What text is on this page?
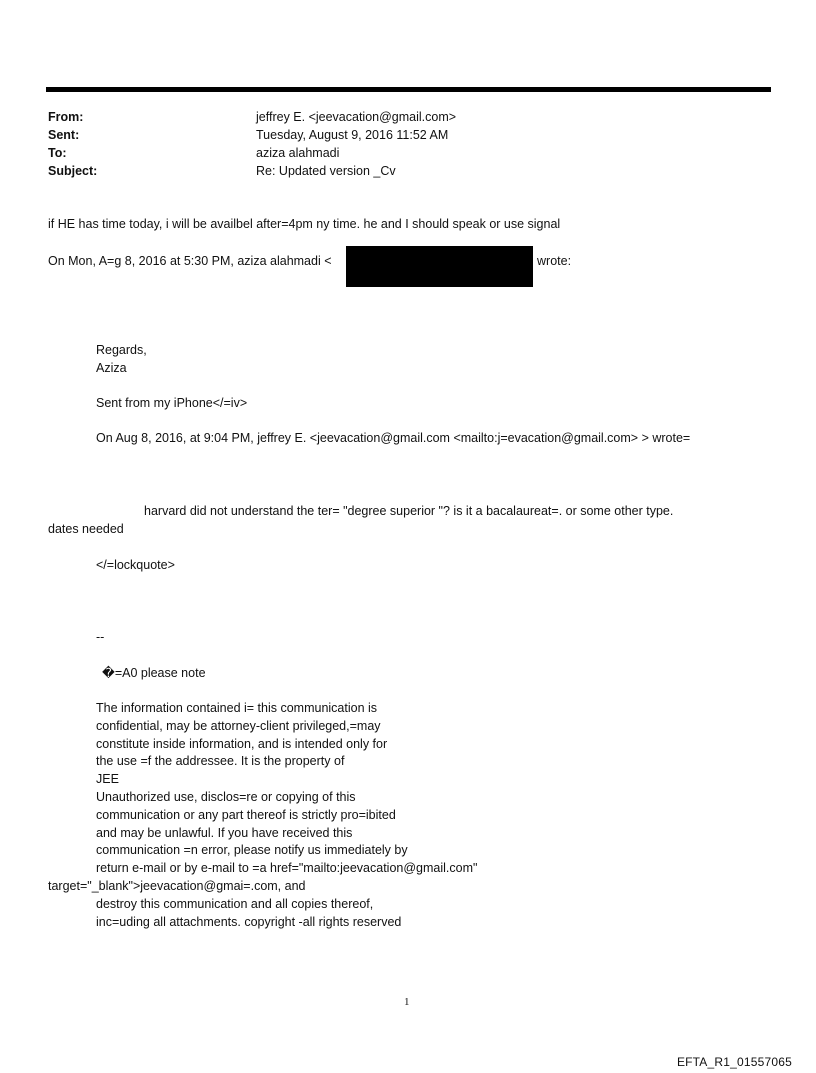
From:	jeffrey E. <jeevacation@gmail.com>
Sent:	Tuesday, August 9, 2016 11:52 AM
To:	aziza alahmadi
Subject:	Re: Updated version _Cv
if HE has time today, i will be availbel after=4pm ny time. he and I should speak or use signal
On Mon, A=g 8, 2016 at 5:30 PM, aziza alahmadi <	wrote:
Regards,
Aziza
Sent from my iPhone</=iv>
On Aug 8, 2016, at 9:04 PM, jeffrey E. <jeevacation@gmail.com <mailto:j=evacation@gmail.com> > wrote=
harvard did not understand the ter= "degree superior "? is it a bacalaureat=. or some other type.
dates needed
</=lockquote>
--
�=A0 please note
The information contained i= this communication is
confidential, may be attorney-client privileged,=may
constitute inside information, and is intended only for
the use =f the addressee. It is the property of
JEE
Unauthorized use, disclos=re or copying of this
communication or any part thereof is strictly pro=ibited
and may be unlawful. If you have received this
communication =n error, please notify us immediately by
return e-mail or by e-mail to =a href="mailto:jeevacation@gmail.com"
target="_blank">jeevacation@gmai=.com, and
destroy this communication and all copies thereof,
inc=uding all attachments. copyright -all rights reserved
1
EFTA_R1_01557065
